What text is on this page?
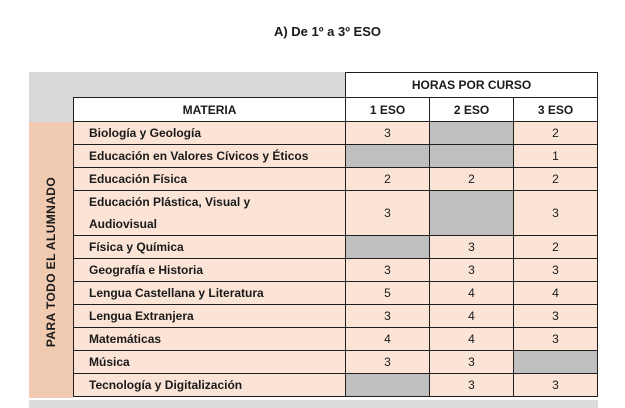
A) De 1º a 3º ESO
HORAS POR CURSO
MATERIA	1 ESO	2 ESO	3 ESO
PARA TODO EL ALUMNADO
Biología y Geología	3		2
Educación en Valores Cívicos y Éticos			1
Educación Física	2	2	2
Educación Plástica, Visual y
Audiovisual	3		3
Física y Química		3	2
Geografía e Historia	3	3	3
Lengua Castellana y Literatura	5	4	4
Lengua Extranjera	3	4	3
Matemáticas	4	4	3
Música	3	3	
Tecnología y Digitalización		3	3
